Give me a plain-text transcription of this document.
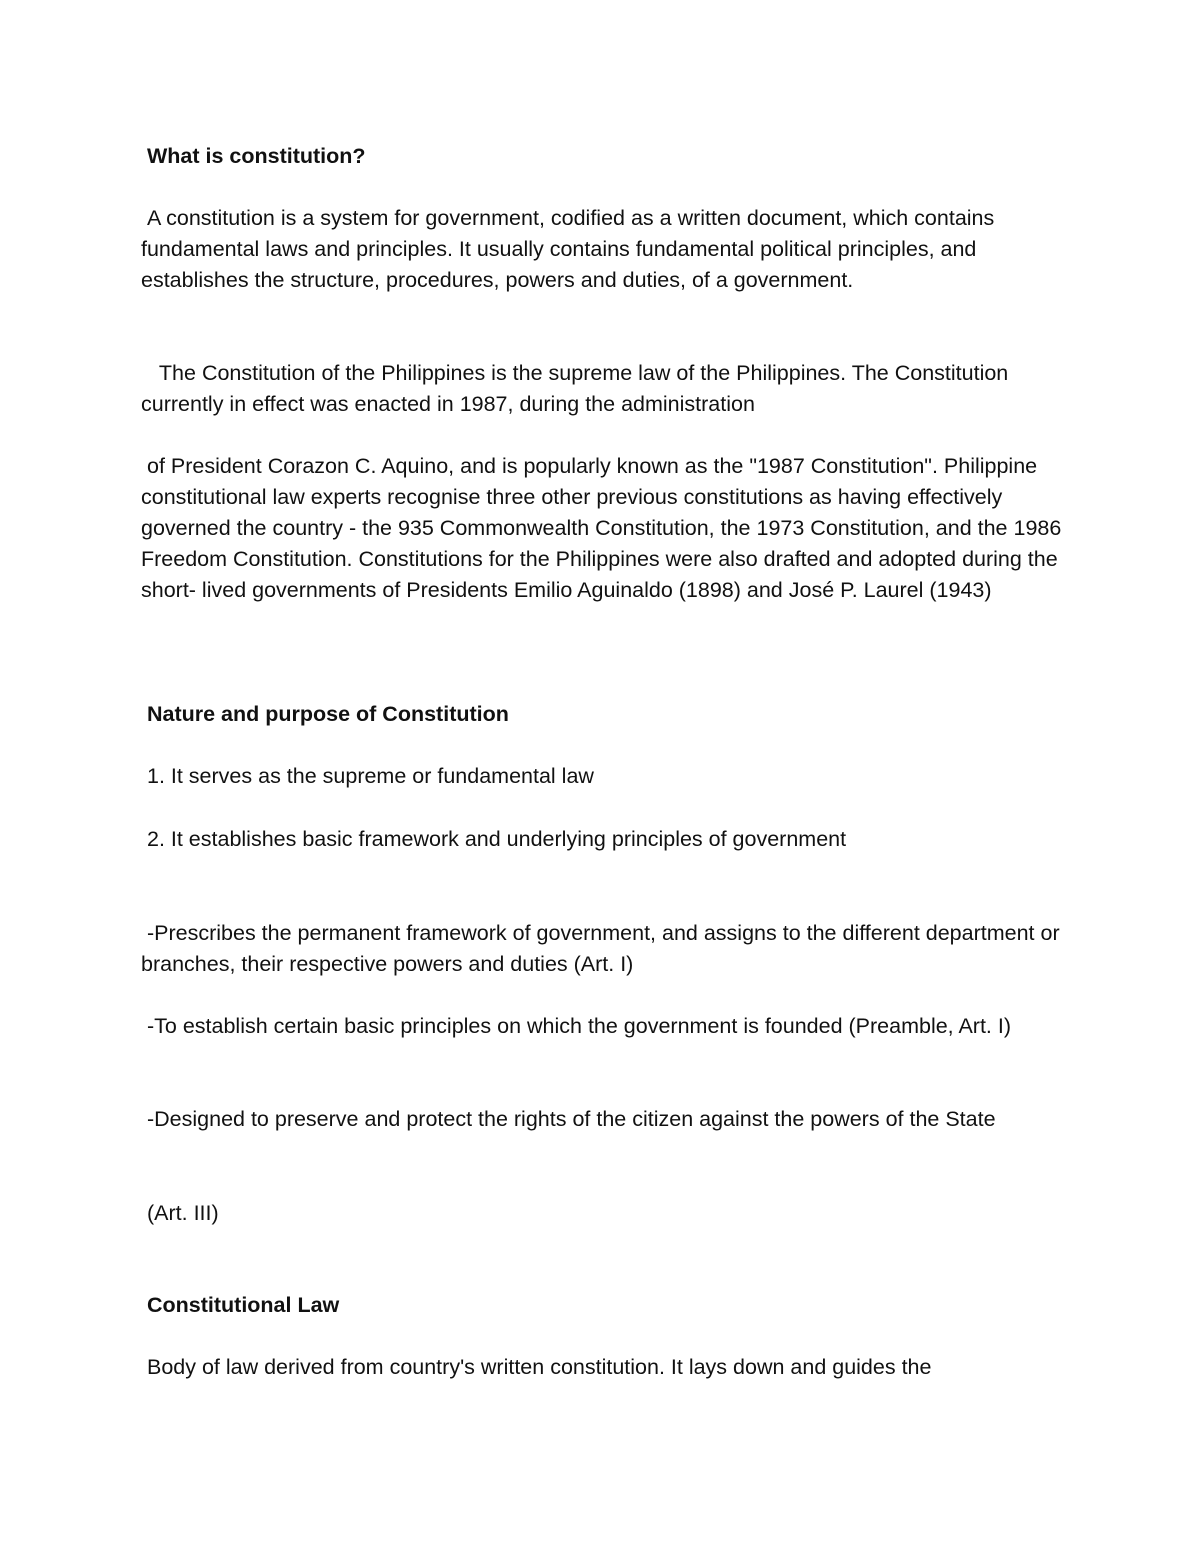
What is constitution?

A constitution is a system for government, codified as a written document, which contains fundamental laws and principles. It usually contains fundamental political principles, and establishes the structure, procedures, powers and duties, of a government.

The Constitution of the Philippines is the supreme law of the Philippines. The Constitution currently in effect was enacted in 1987, during the administration

of President Corazon C. Aquino, and is popularly known as the "1987 Constitution". Philippine constitutional law experts recognise three other previous constitutions as having effectively governed the country - the 935 Commonwealth Constitution, the 1973 Constitution, and the 1986 Freedom Constitution. Constitutions for the Philippines were also drafted and adopted during the short- lived governments of Presidents Emilio Aguinaldo (1898) and José P. Laurel (1943)

Nature and purpose of Constitution

1. It serves as the supreme or fundamental law

2. It establishes basic framework and underlying principles of government

-Prescribes the permanent framework of government, and assigns to the different department or branches, their respective powers and duties (Art. I)

-To establish certain basic principles on which the government is founded (Preamble, Art. I)

-Designed to preserve and protect the rights of the citizen against the powers of the State

(Art. III)

Constitutional Law

Body of law derived from country's written constitution. It lays down and guides the
